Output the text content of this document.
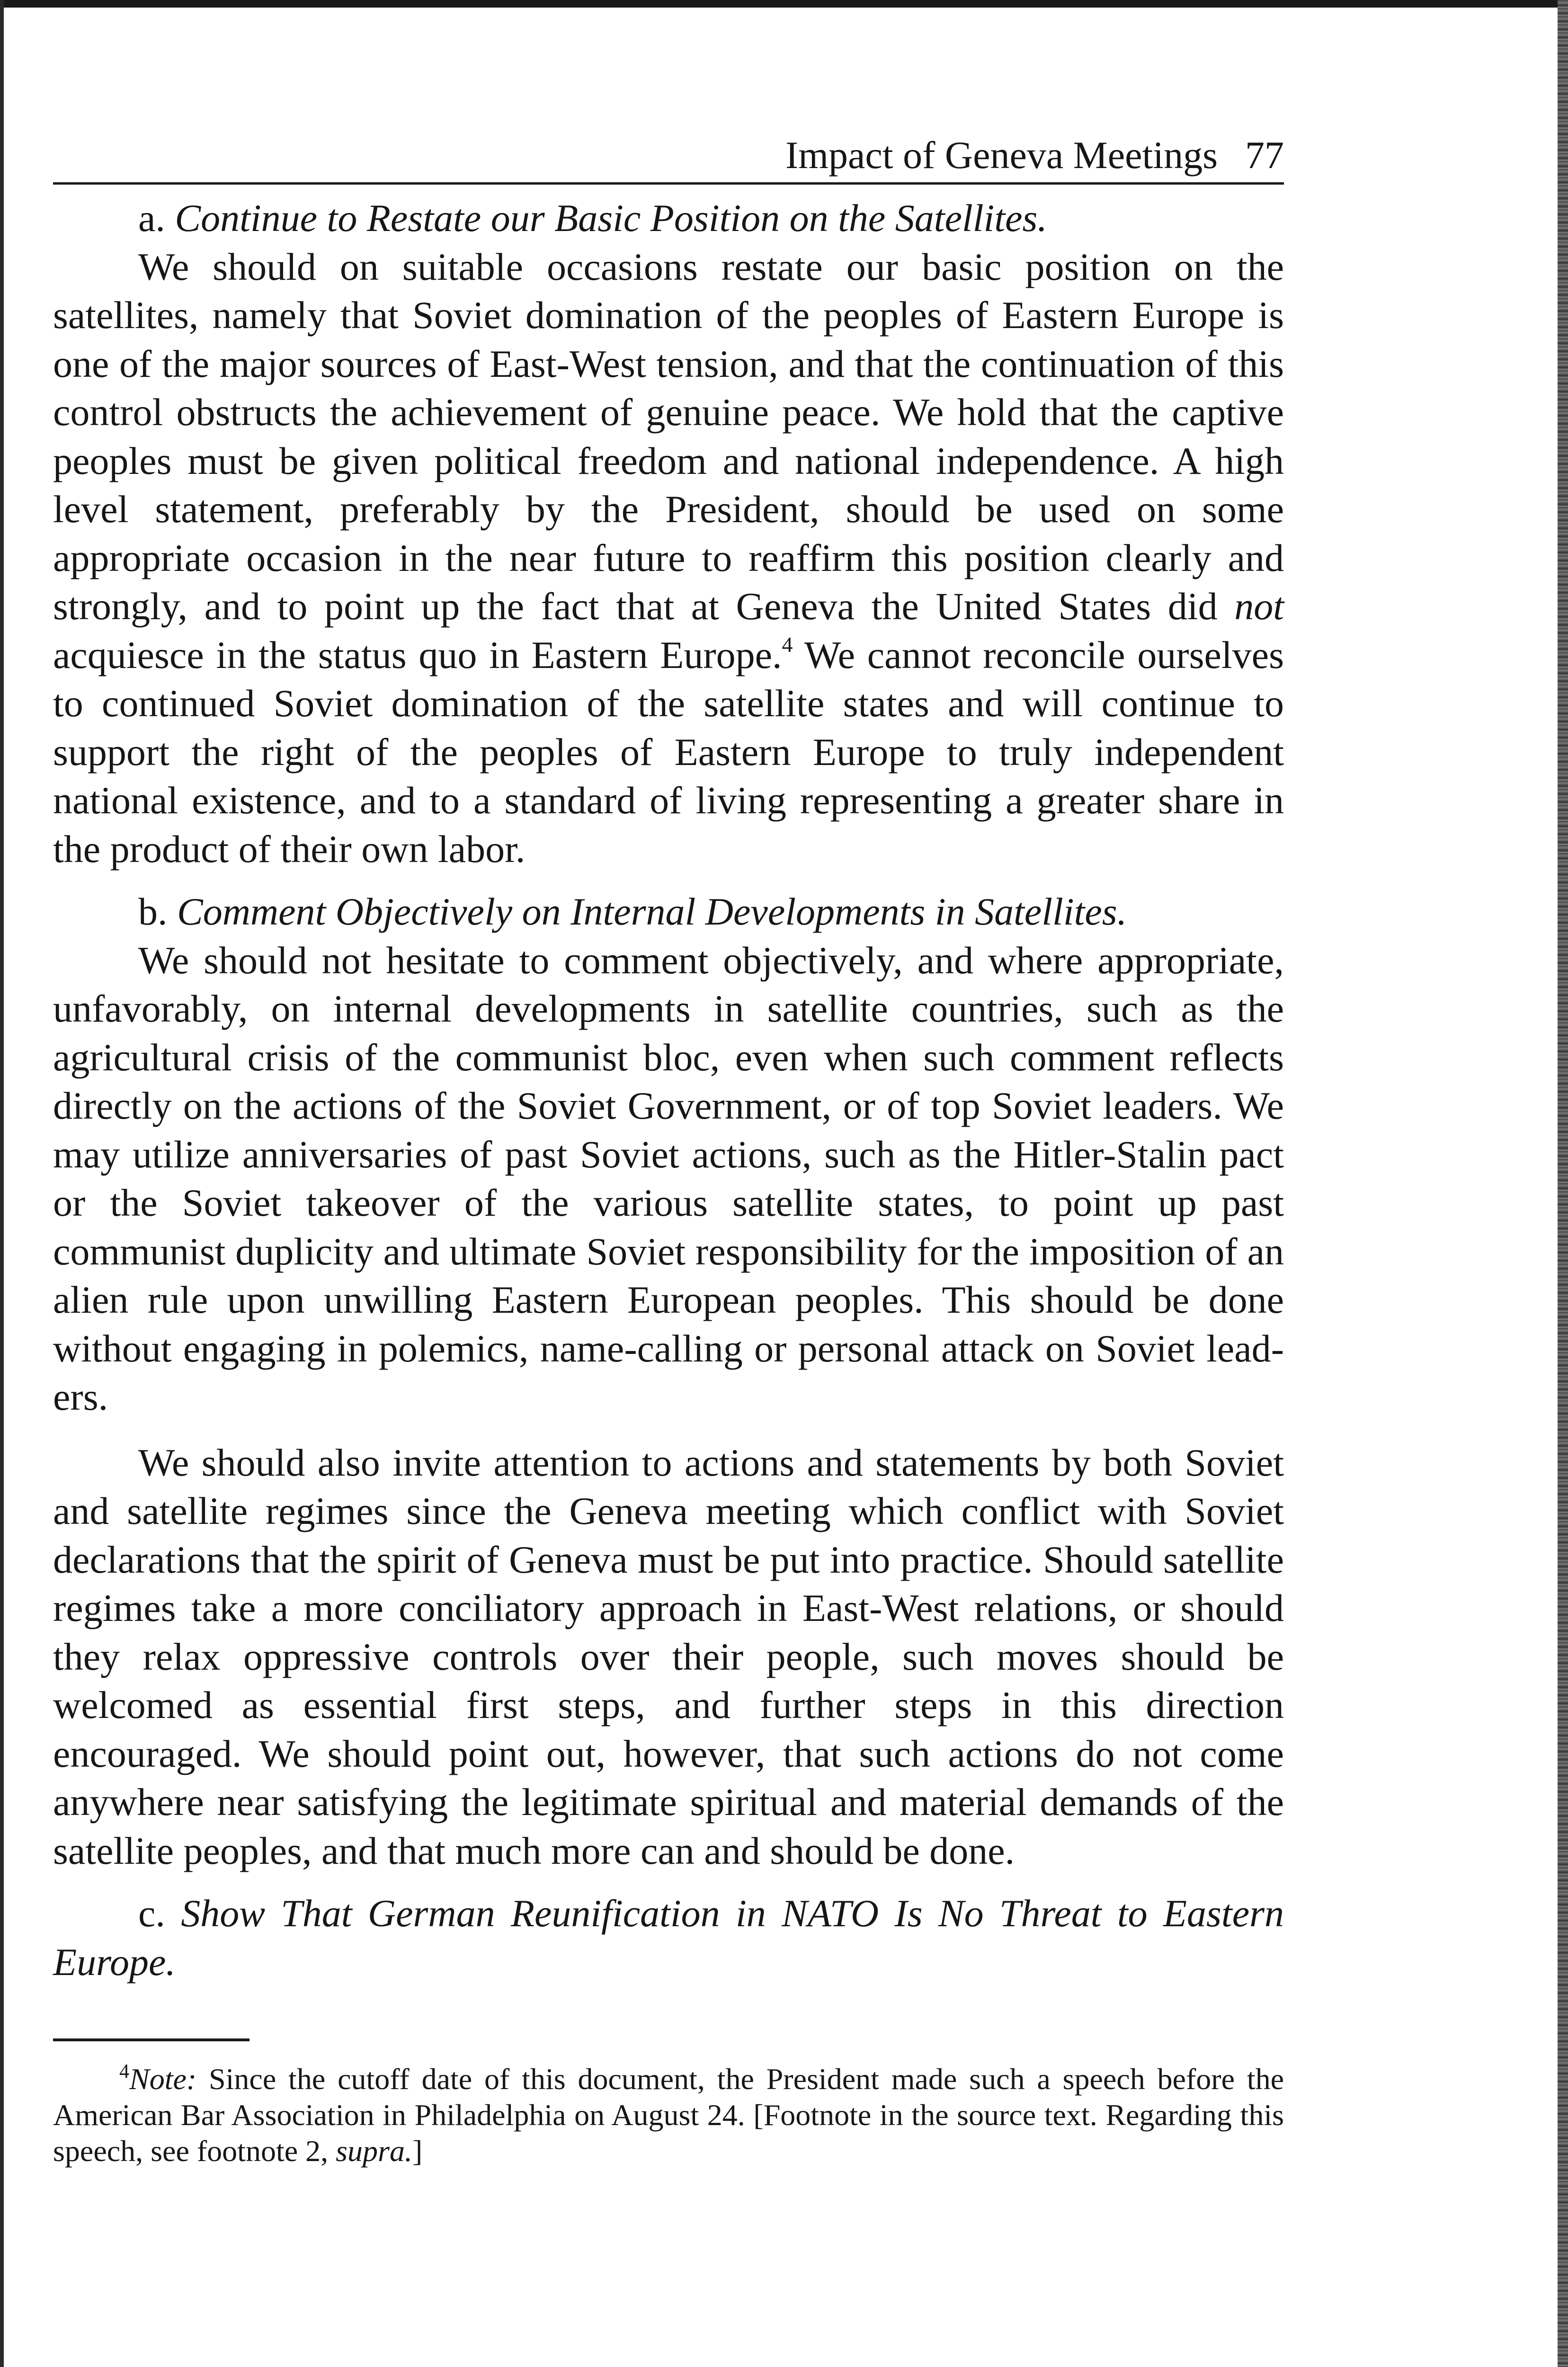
Impact of Geneva Meetings 77

a. Continue to Restate our Basic Position on the Satellites.

We should on suitable occasions restate our basic position on the satellites, namely that Soviet domination of the peoples of Eastern Europe is one of the major sources of East-West tension, and that the continuation of this control obstructs the achievement of genuine peace. We hold that the captive peoples must be given political freedom and national independence. A high level statement, preferably by the President, should be used on some appropriate occasion in the near future to reaffirm this position clearly and strongly, and to point up the fact that at Geneva the United States did not acquiesce in the status quo in Eastern Europe.$^4$ We cannot reconcile ourselves to continued Soviet domination of the satellite states and will continue to support the right of the peoples of Eastern Europe to truly independent national existence, and to a standard of living representing a greater share in the product of their own labor.

b. Comment Objectively on Internal Developments in Satellites.

We should not hesitate to comment objectively, and where appropriate, unfavorably, on internal developments in satellite countries, such as the agricultural crisis of the communist bloc, even when such comment reflects directly on the actions of the Soviet Government, or of top Soviet leaders. We may utilize anniversaries of past Soviet actions, such as the Hitler-Stalin pact or the Soviet takeover of the various satellite states, to point up past communist duplicity and ultimate Soviet responsibility for the imposition of an alien rule upon unwilling Eastern European peoples. This should be done without engaging in polemics, name-calling or personal attack on Soviet leaders.

We should also invite attention to actions and statements by both Soviet and satellite regimes since the Geneva meeting which conflict with Soviet declarations that the spirit of Geneva must be put into practice. Should satellite regimes take a more conciliatory approach in East-West relations, or should they relax oppressive controls over their people, such moves should be welcomed as essential first steps, and further steps in this direction encouraged. We should point out, however, that such actions do not come anywhere near satisfying the legitimate spiritual and material demands of the satellite peoples, and that much more can and should be done.

c. Show That German Reunification in NATO Is No Threat to Eastern Europe.

$^4$Note: Since the cutoff date of this document, the President made such a speech before the American Bar Association in Philadelphia on August 24. [Footnote in the source text. Regarding this speech, see footnote 2, supra.]
